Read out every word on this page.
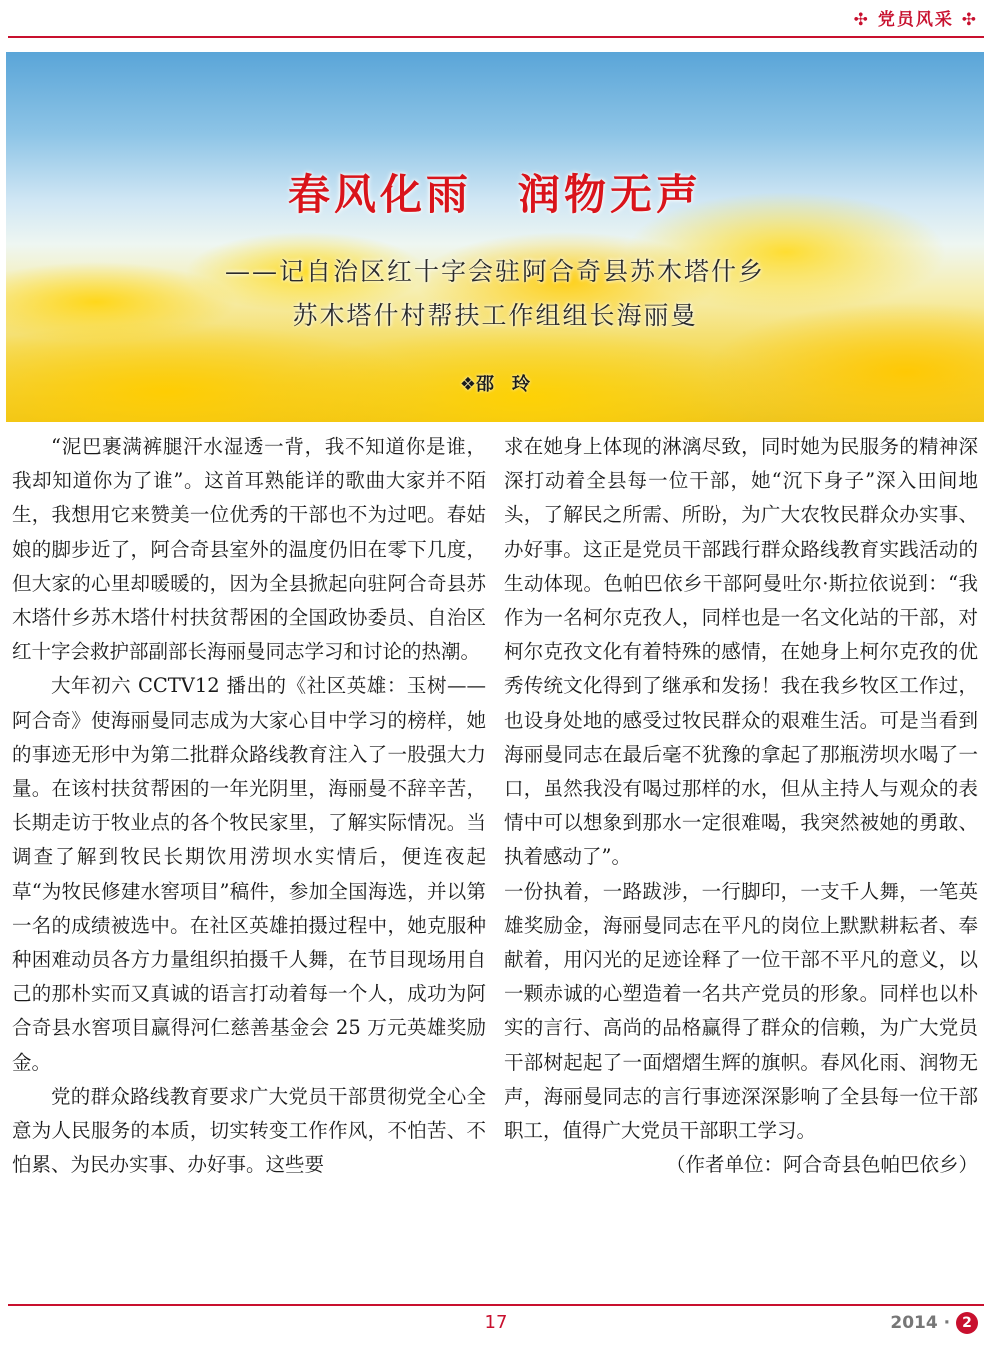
✣ 党员风采 ✣
春风化雨　润物无声
——记自治区红十字会驻阿合奇县苏木塔什乡
苏木塔什村帮扶工作组组长海丽曼
❖邵　玲

“泥巴裹满裤腿汗水湿透一背，我不知道你是谁，我却知道你为了谁”。这首耳熟能详的歌曲大家并不陌生，我想用它来赞美一位优秀的干部也不为过吧。春姑娘的脚步近了，阿合奇县室外的温度仍旧在零下几度，但大家的心里却暖暖的，因为全县掀起向驻阿合奇县苏木塔什乡苏木塔什村扶贫帮困的全国政协委员、自治区红十字会救护部副部长海丽曼同志学习和讨论的热潮。

大年初六 CCTV12 播出的《社区英雄：玉树——阿合奇》使海丽曼同志成为大家心目中学习的榜样，她的事迹无形中为第二批群众路线教育注入了一股强大力量。在该村扶贫帮困的一年光阴里，海丽曼不辞辛苦，长期走访于牧业点的各个牧民家里，了解实际情况。当调查了解到牧民长期饮用涝坝水实情后，便连夜起草“为牧民修建水窖项目”稿件，参加全国海选，并以第一名的成绩被选中。在社区英雄拍摄过程中，她克服种种困难动员各方力量组织拍摄千人舞，在节目现场用自己的那朴实而又真诚的语言打动着每一个人，成功为阿合奇县水窖项目赢得河仁慈善基金会 25 万元英雄奖励金。

党的群众路线教育要求广大党员干部贯彻党全心全意为人民服务的本质，切实转变工作作风，不怕苦、不怕累、为民办实事、办好事。这些要

求在她身上体现的淋漓尽致，同时她为民服务的精神深深打动着全县每一位干部，她“沉下身子”深入田间地头，了解民之所需、所盼，为广大农牧民群众办实事、办好事。这正是党员干部践行群众路线教育实践活动的生动体现。色帕巴依乡干部阿曼吐尔·斯拉依说到：“我作为一名柯尔克孜人，同样也是一名文化站的干部，对柯尔克孜文化有着特殊的感情，在她身上柯尔克孜的优秀传统文化得到了继承和发扬！我在我乡牧区工作过，也设身处地的感受过牧民群众的艰难生活。可是当看到海丽曼同志在最后毫不犹豫的拿起了那瓶涝坝水喝了一口，虽然我没有喝过那样的水，但从主持人与观众的表情中可以想象到那水一定很难喝，我突然被她的勇敢、执着感动了”。

一份执着，一路跋涉，一行脚印，一支千人舞，一笔英雄奖励金，海丽曼同志在平凡的岗位上默默耕耘者、奉献着，用闪光的足迹诠释了一位干部不平凡的意义，以一颗赤诚的心塑造着一名共产党员的形象。同样也以朴实的言行、高尚的品格赢得了群众的信赖，为广大党员干部树起起了一面熠熠生辉的旗帜。春风化雨、润物无声，海丽曼同志的言行事迹深深影响了全县每一位干部职工，值得广大党员干部职工学习。

（作者单位：阿合奇县色帕巴依乡）

17	2014 · 2
